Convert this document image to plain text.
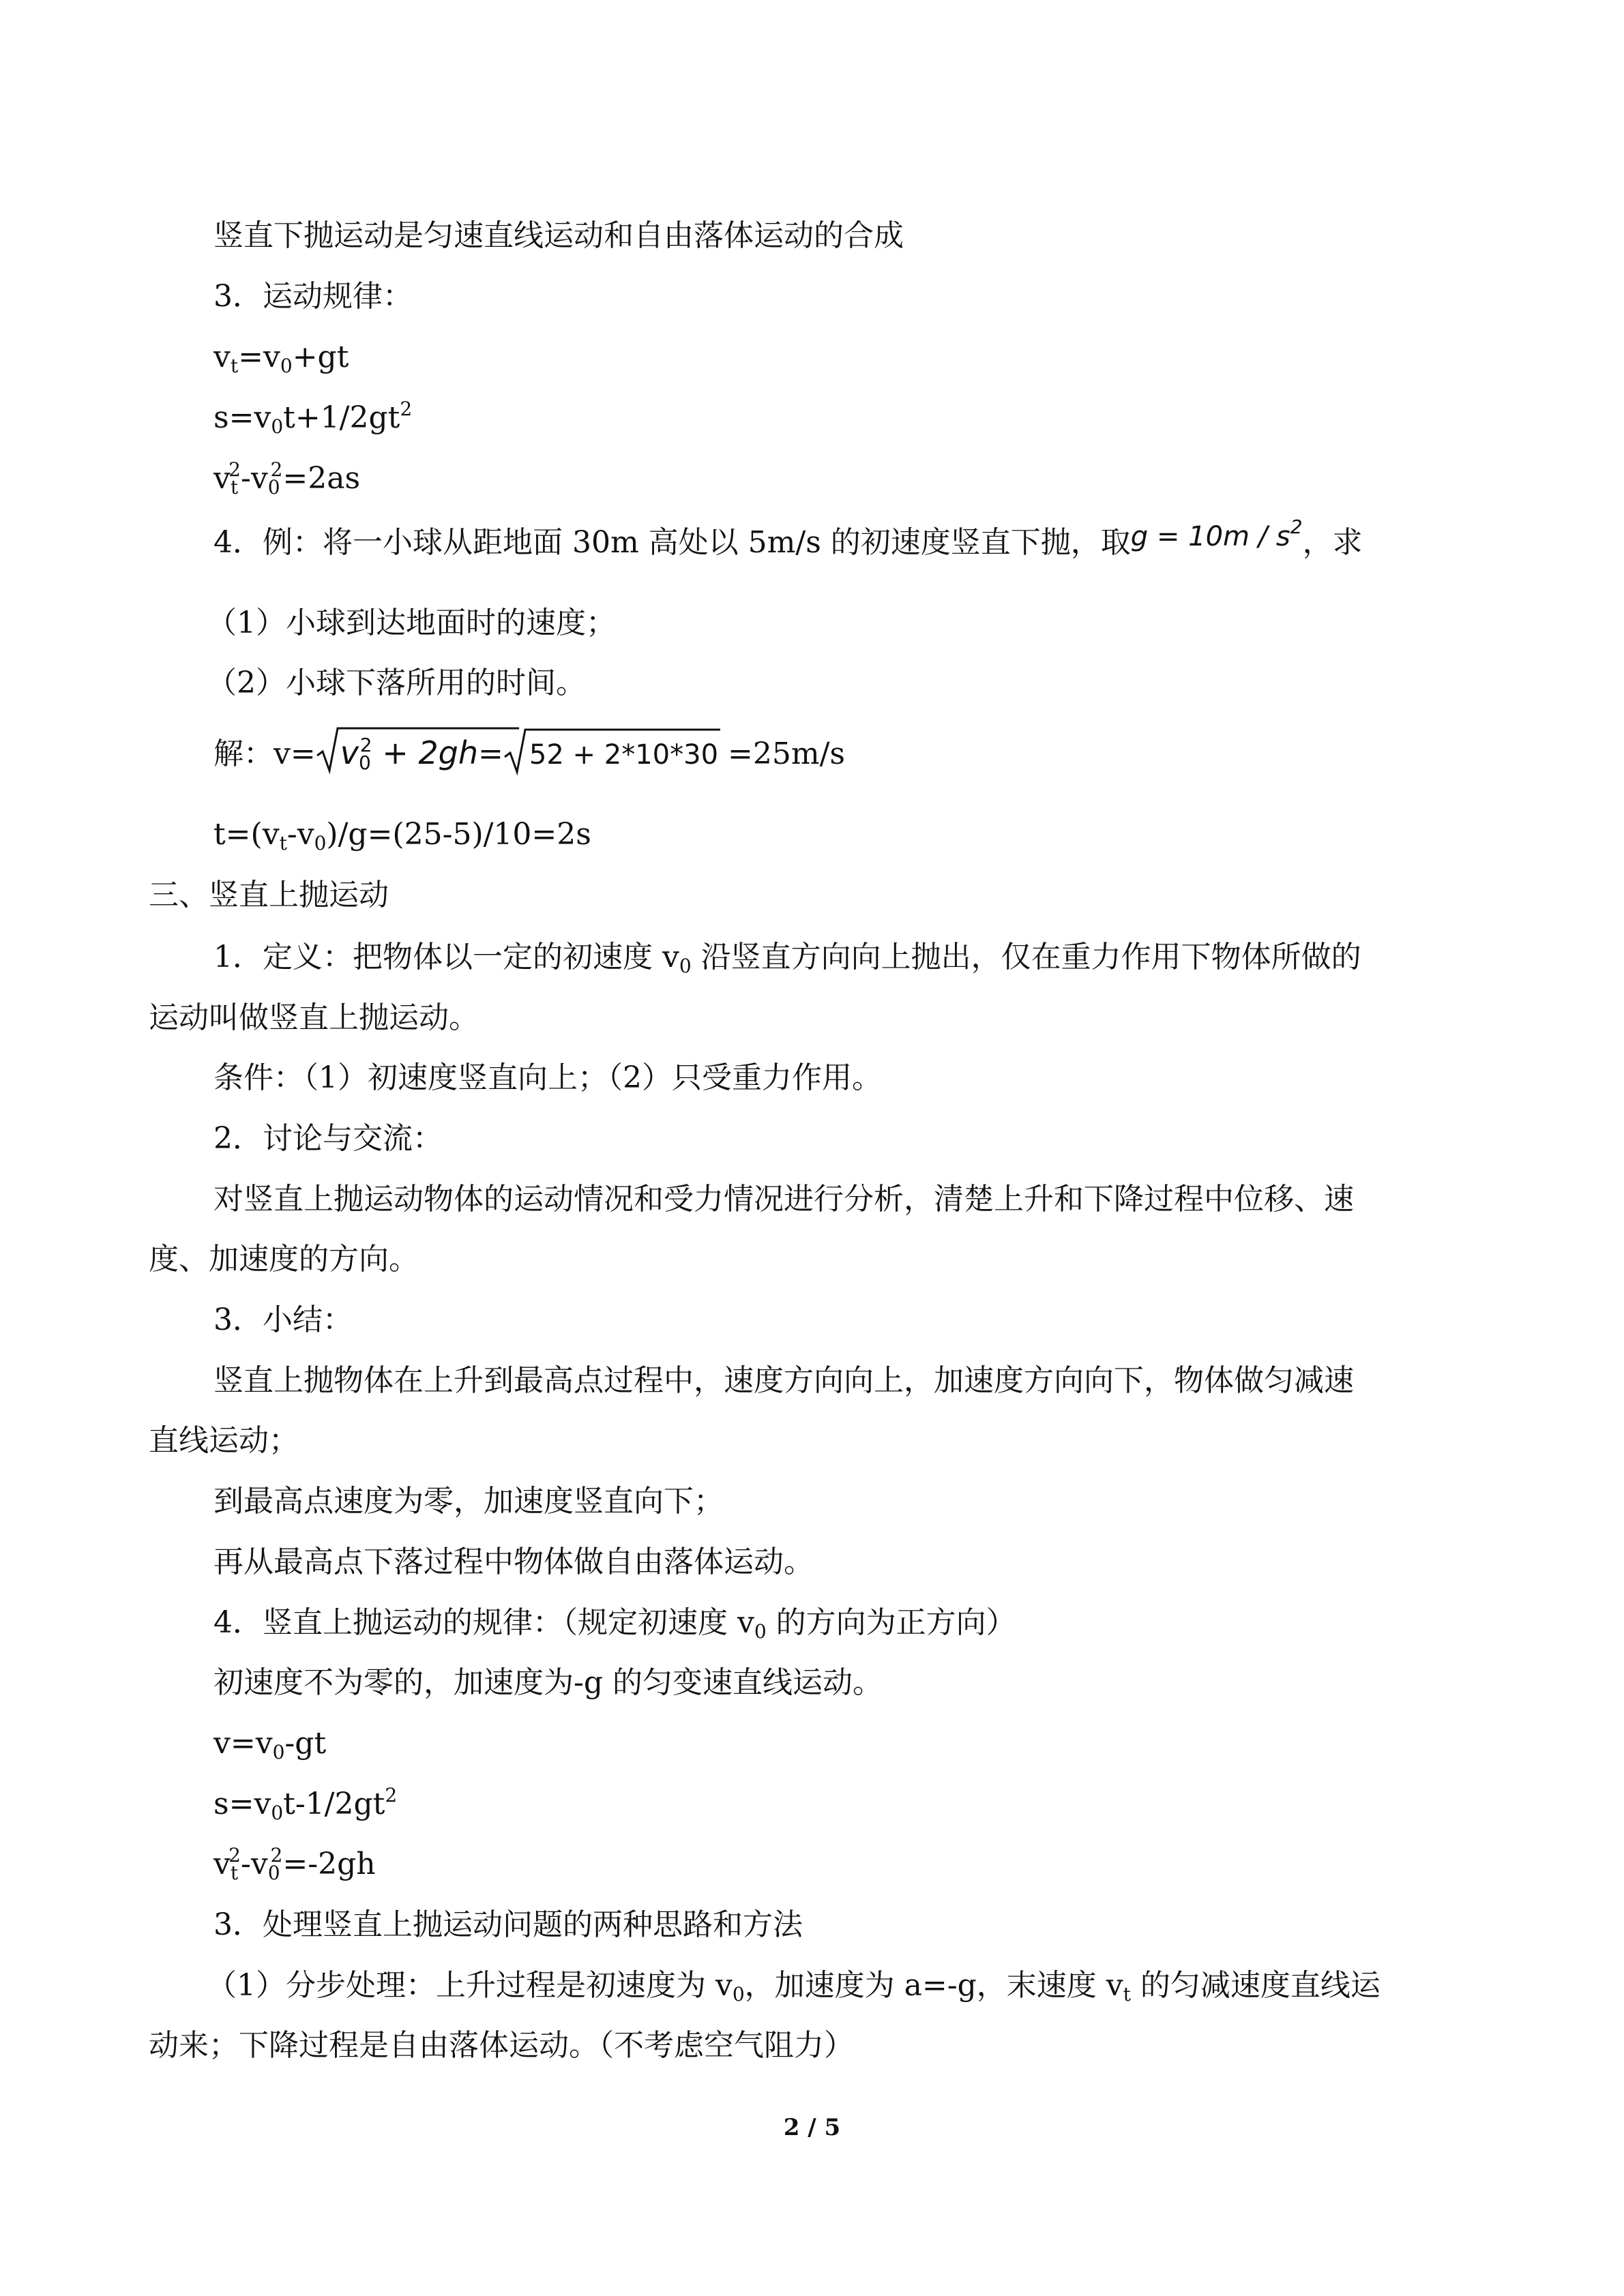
竖直下抛运动是匀速直线运动和自由落体运动的合成
3．运动规律：
$v_t=v_0+gt$
$s=v_0t+1/2gt^2$
$v_t^2-v_0^2=2as$
4．例：将一小球从距地面 30m 高处以 5m/s 的初速度竖直下抛，取$g = 10m / s^2$，求
（1）小球到达地面时的速度；
（2）小球下落所用的时间。
解：$v= v_0^2 + 2gh= 52 + 2*10*30 =25m/s$
$t=(v_t-v_0)/g=(25-5)/10=2s$
三、竖直上抛运动
1．定义：把物体以一定的初速度 $v_0$ 沿竖直方向向上抛出，仅在重力作用下物体所做的
运动叫做竖直上抛运动。
条件：（1）初速度竖直向上；（2）只受重力作用。
2．讨论与交流：
对竖直上抛运动物体的运动情况和受力情况进行分析，清楚上升和下降过程中位移、速
度、加速度的方向。
3．小结：
竖直上抛物体在上升到最高点过程中，速度方向向上，加速度方向向下，物体做匀减速
直线运动；
到最高点速度为零，加速度竖直向下；
再从最高点下落过程中物体做自由落体运动。
4．竖直上抛运动的规律：（规定初速度 $v_0$ 的方向为正方向）
初速度不为零的，加速度为-g 的匀变速直线运动。
$v=v_0-gt$
$s=v_0t-1/2gt^2$
$v_t^2-v_0^2=-2gh$
3．处理竖直上抛运动问题的两种思路和方法
（1）分步处理：上升过程是初速度为 $v_0$，加速度为 a=-g，末速度 $v_t$ 的匀减速度直线运
动来；下降过程是自由落体运动。（不考虑空气阻力）
2 / 5
